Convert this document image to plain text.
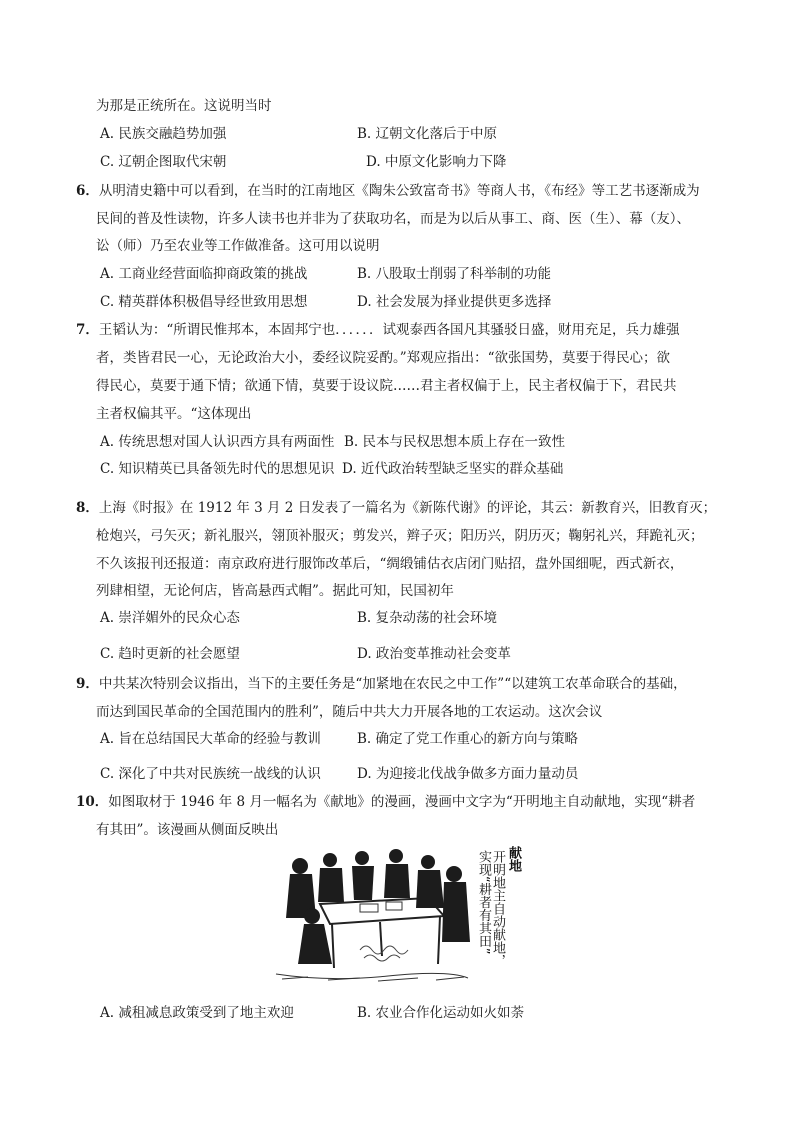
为那是正统所在。这说明当时
A. 民族交融趋势加强	B. 辽朝文化落后于中原
C. 辽朝企图取代宋朝	D. 中原文化影响力下降
6．从明清史籍中可以看到，在当时的江南地区《陶朱公致富奇书》等商人书，《布经》等工艺书逐渐成为
民间的普及性读物，许多人读书也并非为了获取功名，而是为以后从事工、商、医（生）、幕（友）、
讼（师）乃至农业等工作做准备。这可用以说明
A. 工商业经营面临抑商政策的挑战	B. 八股取士削弱了科举制的功能
C. 精英群体积极倡导经世致用思想	D. 社会发展为择业提供更多选择
7．王韬认为：“所谓民惟邦本，本固邦宁也．．．．．．试观泰西各国凡其骚驳日盛，财用充足，兵力雄强
者，类皆君民一心，无论政治大小，委经议院妥酌。”郑观应指出：“欲张国势，莫要于得民心；欲
得民心，莫要于通下情；欲通下情，莫要于设议院……君主者权偏于上，民主者权偏于下，君民共
主者权偏其平。“这体现出
A. 传统思想对国人认识西方具有两面性 B. 民本与民权思想本质上存在一致性
C. 知识精英已具备领先时代的思想见识 D. 近代政治转型缺乏坚实的群众基础
8．上海《时报》在 1912 年 3 月 2 日发表了一篇名为《新陈代谢》的评论，其云：新教育兴，旧教育灭；
枪炮兴，弓矢灭；新礼服兴，翎顶补服灭；剪发兴，辫子灭；阳历兴，阴历灭；鞠躬礼兴，拜跪礼灭；
不久该报刊还报道：南京政府进行服饰改革后，“绸缎铺估衣店闭门贴招，盘外国细呢，西式新衣，
列肆相望，无论何店，皆高悬西式帽”。据此可知，民国初年
A. 崇洋媚外的民众心态	B. 复杂动荡的社会环境
C. 趋时更新的社会愿望	D. 政治变革推动社会变革
9．中共某次特别会议指出，当下的主要任务是“加紧地在农民之中工作”“以建筑工农革命联合的基础，
而达到国民革命的全国范围内的胜利”，随后中共大力开展各地的工农运动。这次会议
A. 旨在总结国民大革命的经验与教训	B. 确定了党工作重心的新方向与策略
C. 深化了中共对民族统一战线的认识	D. 为迎接北伐战争做多方面力量动员
10．如图取材于 1946 年 8 月一幅名为《献地》的漫画，漫画中文字为“开明地主自动献地，实现“耕者
有其田”。该漫画从侧面反映出
献地
开明地主自动献地，
实现“耕者有其田”
A. 减租减息政策受到了地主欢迎	B. 农业合作化运动如火如荼
